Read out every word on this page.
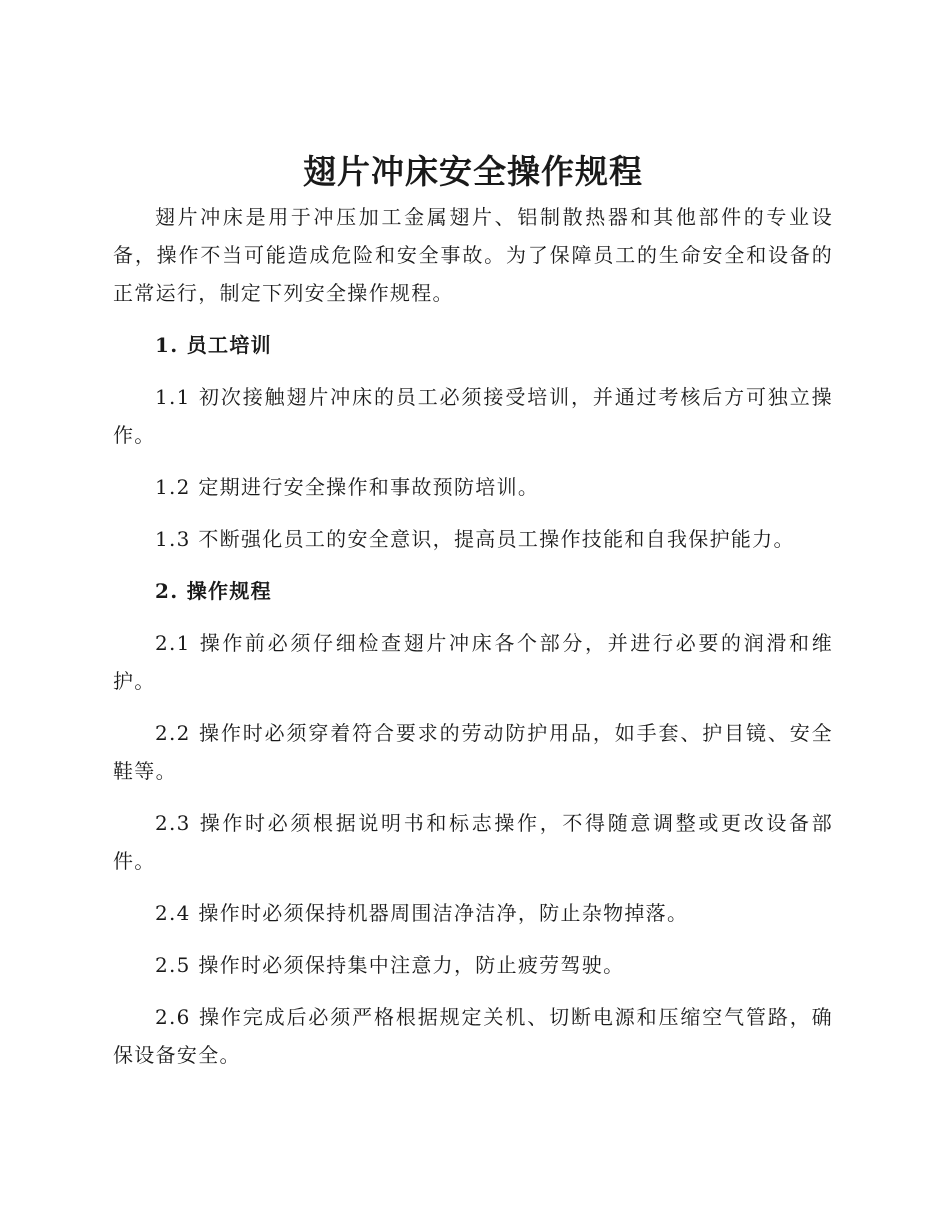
翅片冲床安全操作规程

翅片冲床是用于冲压加工金属翅片、铝制散热器和其他部件的专业设备，操作不当可能造成危险和安全事故。为了保障员工的生命安全和设备的正常运行，制定下列安全操作规程。

1. 员工培训

1.1 初次接触翅片冲床的员工必须接受培训，并通过考核后方可独立操作。

1.2 定期进行安全操作和事故预防培训。

1.3 不断强化员工的安全意识，提高员工操作技能和自我保护能力。

2. 操作规程

2.1 操作前必须仔细检查翅片冲床各个部分，并进行必要的润滑和维护。

2.2 操作时必须穿着符合要求的劳动防护用品，如手套、护目镜、安全鞋等。

2.3 操作时必须根据说明书和标志操作，不得随意调整或更改设备部件。

2.4 操作时必须保持机器周围洁净洁净，防止杂物掉落。

2.5 操作时必须保持集中注意力，防止疲劳驾驶。

2.6 操作完成后必须严格根据规定关机、切断电源和压缩空气管路，确保设备安全。
